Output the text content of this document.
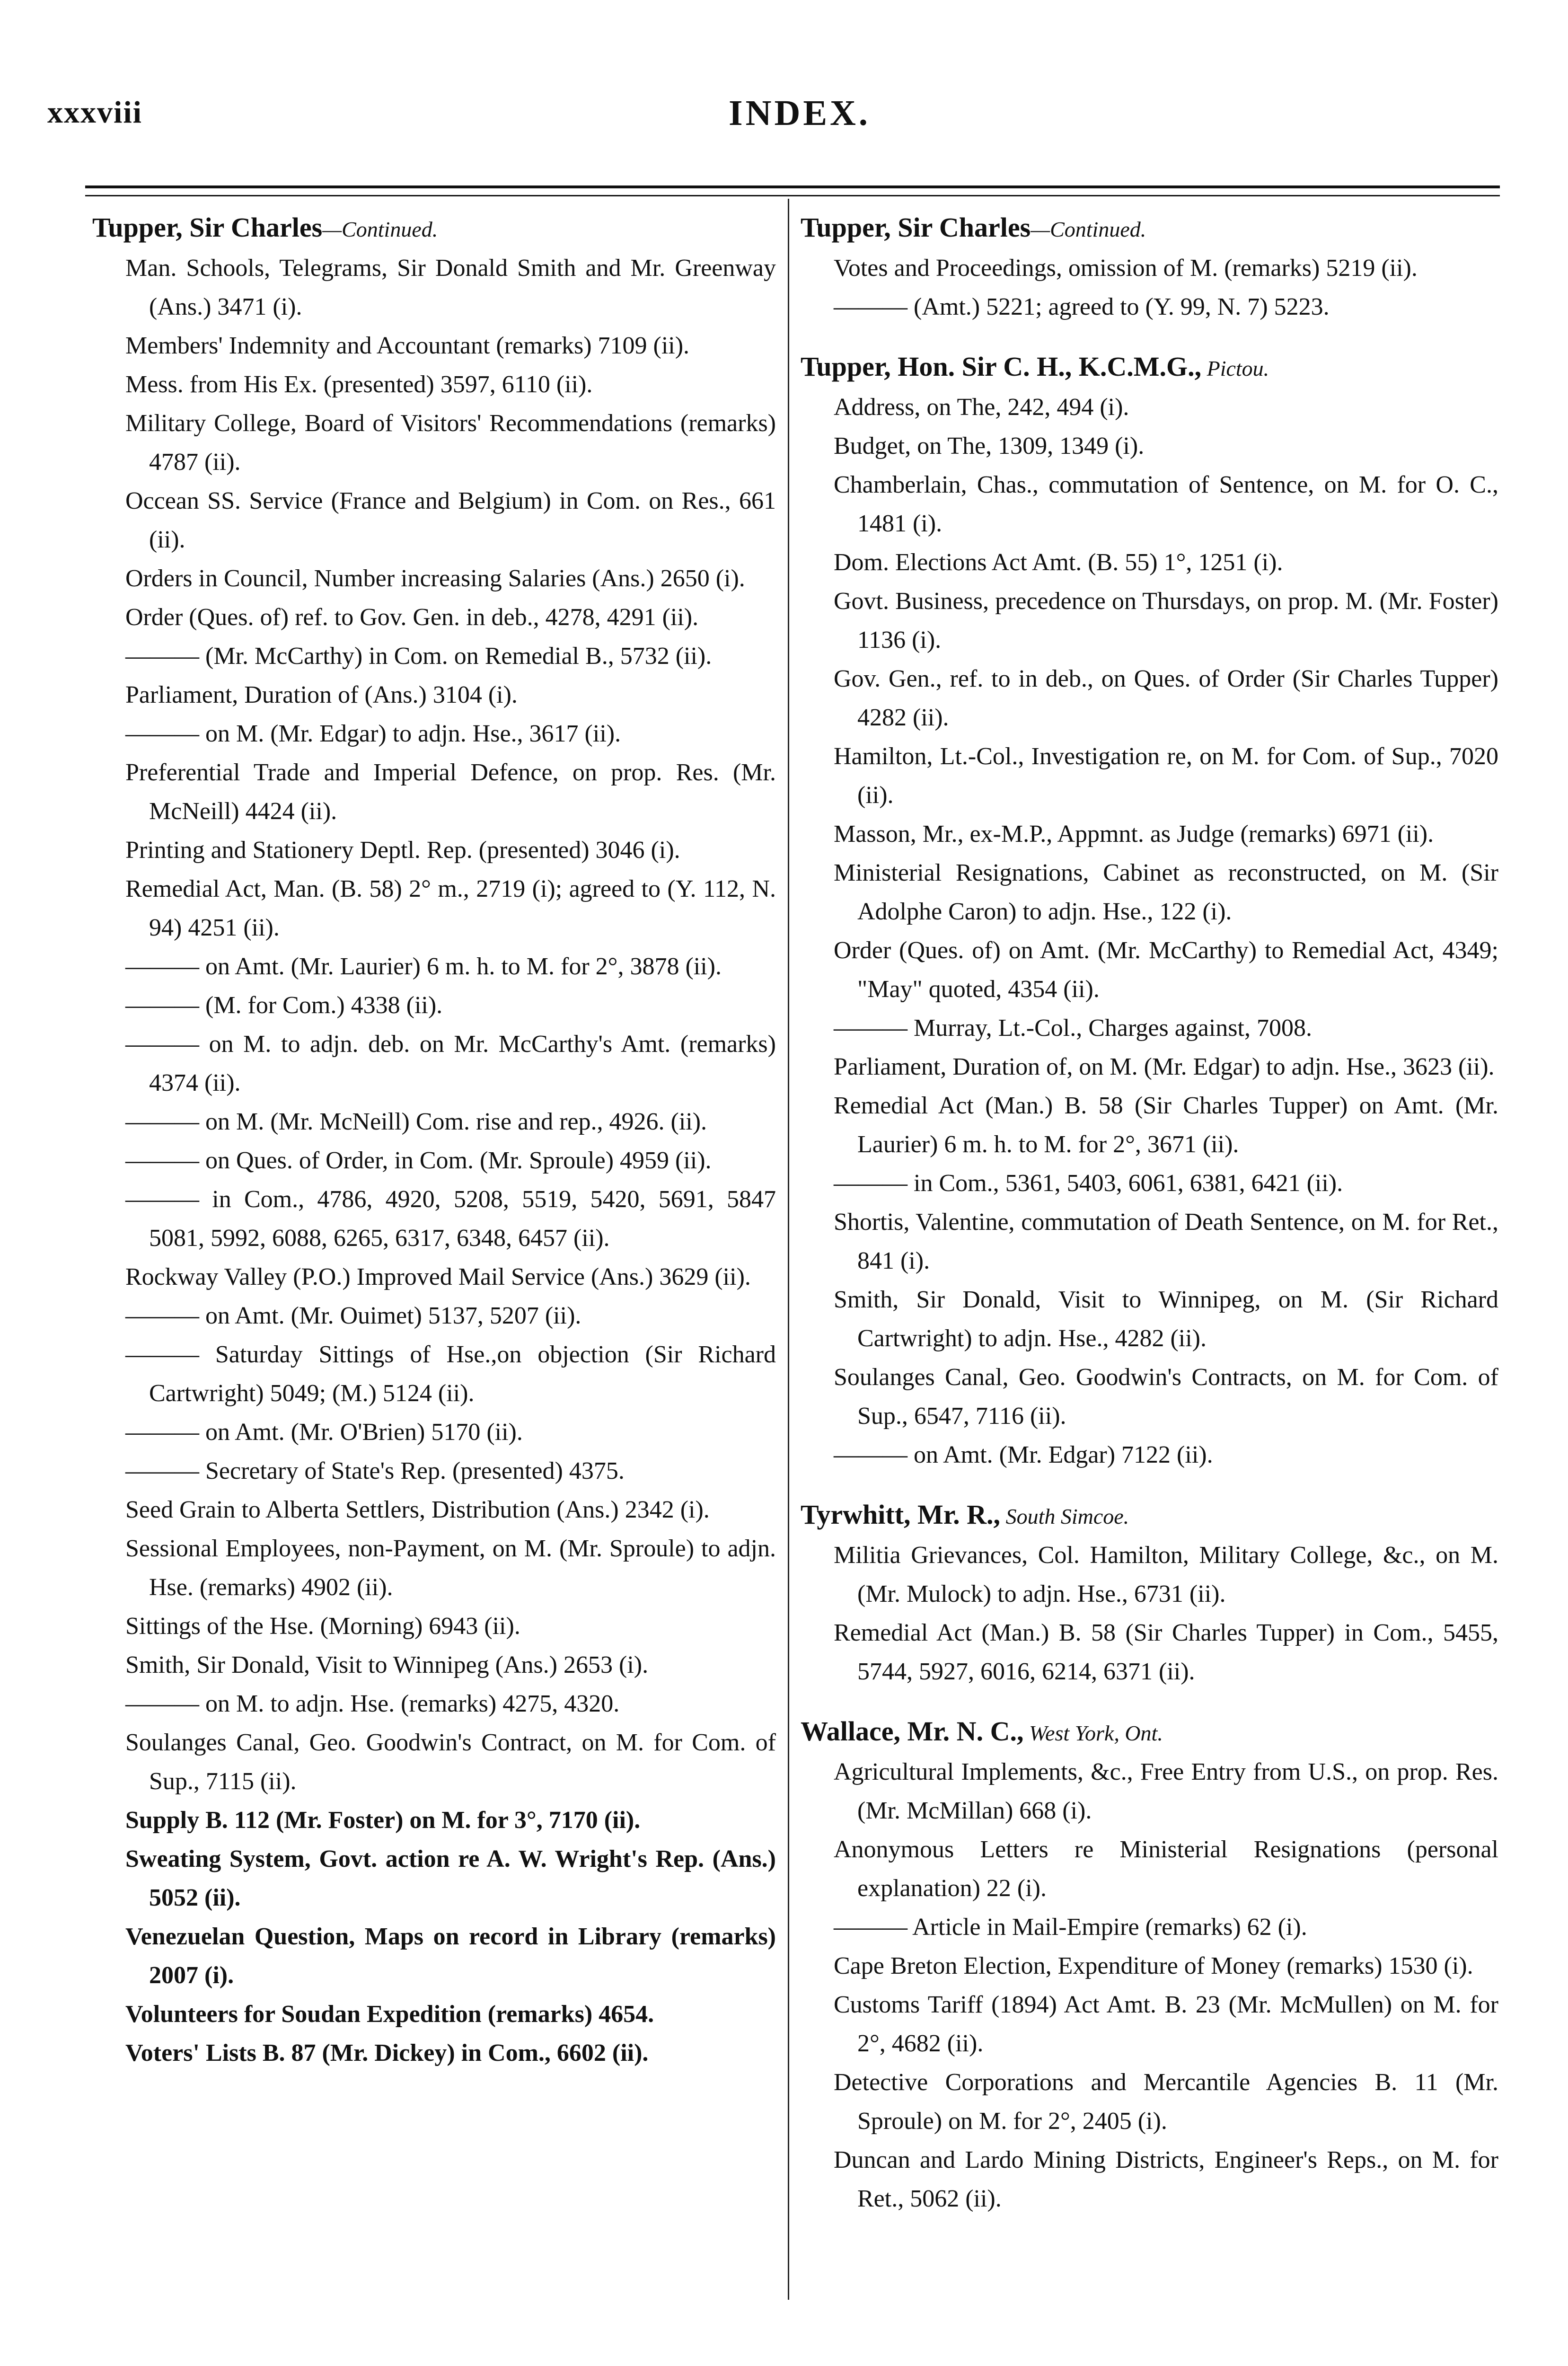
xxxviii	INDEX.
Tupper, Sir Charles—Continued.

Man. Schools, Telegrams, Sir Donald Smith and Mr. Greenway (Ans.) 3471 (i).

Members' Indemnity and Accountant (remarks) 7109 (ii).

Mess. from His Ex. (presented) 3597, 6110 (ii).

Military College, Board of Visitors' Recommendations (remarks) 4787 (ii).

Occean SS. Service (France and Belgium) in Com. on Res., 661 (ii).

Orders in Council, Number increasing Salaries (Ans.) 2650 (i).

Order (Ques. of) ref. to Gov. Gen. in deb., 4278, 4291 (ii).

——— (Mr. McCarthy) in Com. on Remedial B., 5732 (ii).

Parliament, Duration of (Ans.) 3104 (i).

——— on M. (Mr. Edgar) to adjn. Hse., 3617 (ii).

Preferential Trade and Imperial Defence, on prop. Res. (Mr. McNeill) 4424 (ii).

Printing and Stationery Deptl. Rep. (presented) 3046 (i).

Remedial Act, Man. (B. 58) 2° m., 2719 (i); agreed to (Y. 112, N. 94) 4251 (ii).

——— on Amt. (Mr. Laurier) 6 m. h. to M. for 2°, 3878 (ii).

——— (M. for Com.) 4338 (ii).

——— on M. to adjn. deb. on Mr. McCarthy's Amt. (remarks) 4374 (ii).

——— on M. (Mr. McNeill) Com. rise and rep., 4926. (ii).

——— on Ques. of Order, in Com. (Mr. Sproule) 4959 (ii).

——— in Com., 4786, 4920, 5208, 5519, 5420, 5691, 5847 5081, 5992, 6088, 6265, 6317, 6348, 6457 (ii).

Rockway Valley (P.O.) Improved Mail Service (Ans.) 3629 (ii).

——— on Amt. (Mr. Ouimet) 5137, 5207 (ii).

——— Saturday Sittings of Hse.,on objection (Sir Richard Cartwright) 5049; (M.) 5124 (ii).

——— on Amt. (Mr. O'Brien) 5170 (ii).

——— Secretary of State's Rep. (presented) 4375.

Seed Grain to Alberta Settlers, Distribution (Ans.) 2342 (i).

Sessional Employees, non-Payment, on M. (Mr. Sproule) to adjn. Hse. (remarks) 4902 (ii).

Sittings of the Hse. (Morning) 6943 (ii).

Smith, Sir Donald, Visit to Winnipeg (Ans.) 2653 (i).

——— on M. to adjn. Hse. (remarks) 4275, 4320.

Soulanges Canal, Geo. Goodwin's Contract, on M. for Com. of Sup., 7115 (ii).

Supply B. 112 (Mr. Foster) on M. for 3°, 7170 (ii).

Sweating System, Govt. action re A. W. Wright's Rep. (Ans.) 5052 (ii).

Venezuelan Question, Maps on record in Library (remarks) 2007 (i).

Volunteers for Soudan Expedition (remarks) 4654.

Voters' Lists B. 87 (Mr. Dickey) in Com., 6602 (ii).

Tupper, Sir Charles—Continued.

Votes and Proceedings, omission of M. (remarks) 5219 (ii).

——— (Amt.) 5221; agreed to (Y. 99, N. 7) 5223.

Tupper, Hon. Sir C. H., K.C.M.G., Pictou.

Address, on The, 242, 494 (i).

Budget, on The, 1309, 1349 (i).

Chamberlain, Chas., commutation of Sentence, on M. for O. C., 1481 (i).

Dom. Elections Act Amt. (B. 55) 1°, 1251 (i).

Govt. Business, precedence on Thursdays, on prop. M. (Mr. Foster) 1136 (i).

Gov. Gen., ref. to in deb., on Ques. of Order (Sir Charles Tupper) 4282 (ii).

Hamilton, Lt.-Col., Investigation re, on M. for Com. of Sup., 7020 (ii).

Masson, Mr., ex-M.P., Appmnt. as Judge (remarks) 6971 (ii).

Ministerial Resignations, Cabinet as reconstructed, on M. (Sir Adolphe Caron) to adjn. Hse., 122 (i).

Order (Ques. of) on Amt. (Mr. McCarthy) to Remedial Act, 4349; "May" quoted, 4354 (ii).

——— Murray, Lt.-Col., Charges against, 7008.

Parliament, Duration of, on M. (Mr. Edgar) to adjn. Hse., 3623 (ii).

Remedial Act (Man.) B. 58 (Sir Charles Tupper) on Amt. (Mr. Laurier) 6 m. h. to M. for 2°, 3671 (ii).

——— in Com., 5361, 5403, 6061, 6381, 6421 (ii).

Shortis, Valentine, commutation of Death Sentence, on M. for Ret., 841 (i).

Smith, Sir Donald, Visit to Winnipeg, on M. (Sir Richard Cartwright) to adjn. Hse., 4282 (ii).

Soulanges Canal, Geo. Goodwin's Contracts, on M. for Com. of Sup., 6547, 7116 (ii).

——— on Amt. (Mr. Edgar) 7122 (ii).

Tyrwhitt, Mr. R., South Simcoe.

Militia Grievances, Col. Hamilton, Military College, &c., on M. (Mr. Mulock) to adjn. Hse., 6731 (ii).

Remedial Act (Man.) B. 58 (Sir Charles Tupper) in Com., 5455, 5744, 5927, 6016, 6214, 6371 (ii).

Wallace, Mr. N. C., West York, Ont.

Agricultural Implements, &c., Free Entry from U.S., on prop. Res. (Mr. McMillan) 668 (i).

Anonymous Letters re Ministerial Resignations (personal explanation) 22 (i).

——— Article in Mail-Empire (remarks) 62 (i).

Cape Breton Election, Expenditure of Money (remarks) 1530 (i).

Customs Tariff (1894) Act Amt. B. 23 (Mr. McMullen) on M. for 2°, 4682 (ii).

Detective Corporations and Mercantile Agencies B. 11 (Mr. Sproule) on M. for 2°, 2405 (i).

Duncan and Lardo Mining Districts, Engineer's Reps., on M. for Ret., 5062 (ii).
